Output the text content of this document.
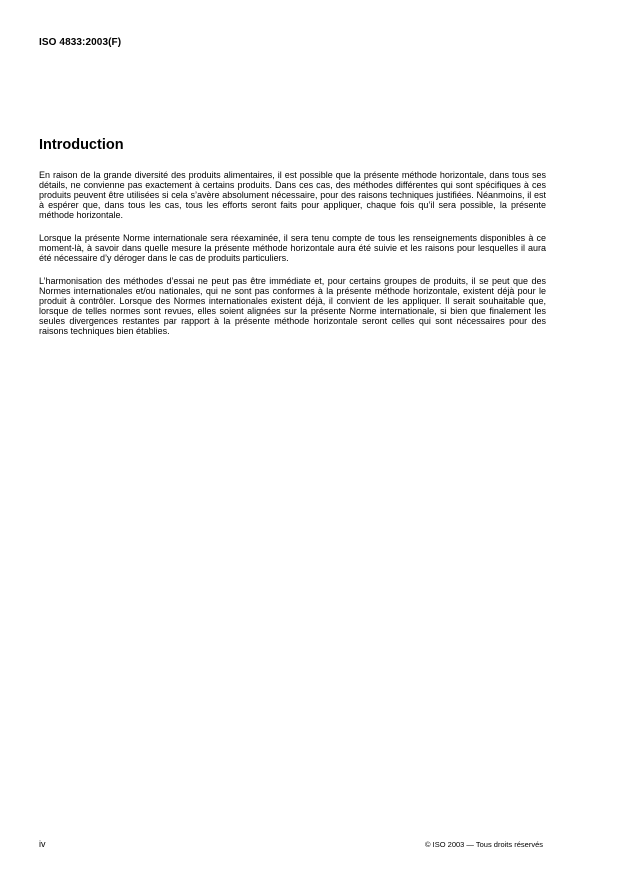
ISO 4833:2003(F)
Introduction

En raison de la grande diversité des produits alimentaires, il est possible que la présente méthode horizontale, dans tous ses détails, ne convienne pas exactement à certains produits. Dans ces cas, des méthodes différentes qui sont spécifiques à ces produits peuvent être utilisées si cela s’avère absolument nécessaire, pour des raisons techniques justifiées. Néanmoins, il est à espérer que, dans tous les cas, tous les efforts seront faits pour appliquer, chaque fois qu’il sera possible, la présente méthode horizontale.

Lorsque la présente Norme internationale sera réexaminée, il sera tenu compte de tous les renseignements disponibles à ce moment-là, à savoir dans quelle mesure la présente méthode horizontale aura été suivie et les raisons pour lesquelles il aura été nécessaire d’y déroger dans le cas de produits particuliers.

L’harmonisation des méthodes d’essai ne peut pas être immédiate et, pour certains groupes de produits, il se peut que des Normes internationales et/ou nationales, qui ne sont pas conformes à la présente méthode horizontale, existent déjà pour le produit à contrôler. Lorsque des Normes internationales existent déjà, il convient de les appliquer. Il serait souhaitable que, lorsque de telles normes sont revues, elles soient alignées sur la présente Norme internationale, si bien que finalement les seules divergences restantes par rapport à la présente méthode horizontale seront celles qui sont nécessaires pour des raisons techniques bien établies.

iv	© ISO 2003 — Tous droits réservés
